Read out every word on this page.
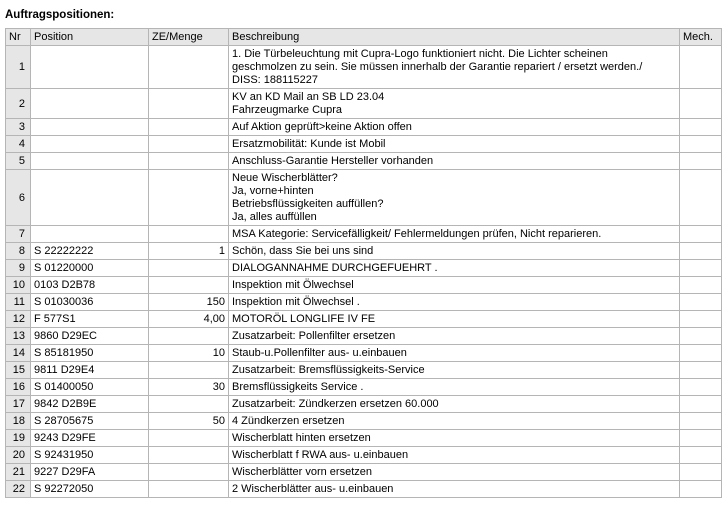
Auftragspositionen:
Nr	Position	ZE/Menge	Beschreibung	Mech.
1			1. Die Türbeleuchtung mit Cupra-Logo funktioniert nicht. Die Lichter scheinen
geschmolzen zu sein. Sie müssen innerhalb der Garantie repariert / ersetzt werden./
DISS: 188115227	

2			KV an KD Mail an SB LD 23.04
Fahrzeugmarke Cupra	

3			Auf Aktion geprüft>keine Aktion offen	

4			Ersatzmobilität: Kunde ist Mobil	

5			Anschluss-Garantie Hersteller vorhanden	

6			Neue Wischerblätter?
Ja, vorne+hinten
Betriebsflüssigkeiten auffüllen?
Ja, alles auffüllen	

7			MSA Kategorie: Servicefälligkeit/ Fehlermeldungen prüfen, Nicht reparieren.	

8	S 22222222	1	Schön, dass Sie bei uns sind	

9	S 01220000		DIALOGANNAHME DURCHGEFUEHRT .	

10	0103 D2B78		Inspektion mit Ölwechsel	

11	S 01030036	150	Inspektion mit Ölwechsel .	

12	F 577S1	4,00	MOTORÖL LONGLIFE IV FE	

13	9860 D29EC		Zusatzarbeit: Pollenfilter ersetzen	

14	S 85181950	10	Staub-u.Pollenfilter aus- u.einbauen	

15	9811 D29E4		Zusatzarbeit: Bremsflüssigkeits-Service	

16	S 01400050	30	Bremsflüssigkeits Service .	

17	9842 D2B9E		Zusatzarbeit: Zündkerzen ersetzen 60.000	

18	S 28705675	50	4 Zündkerzen ersetzen	

19	9243 D29FE		Wischerblatt hinten ersetzen	

20	S 92431950		Wischerblatt f RWA aus- u.einbauen	

21	9227 D29FA		Wischerblätter vorn ersetzen	

22	S 92272050		2 Wischerblätter aus- u.einbauen	
